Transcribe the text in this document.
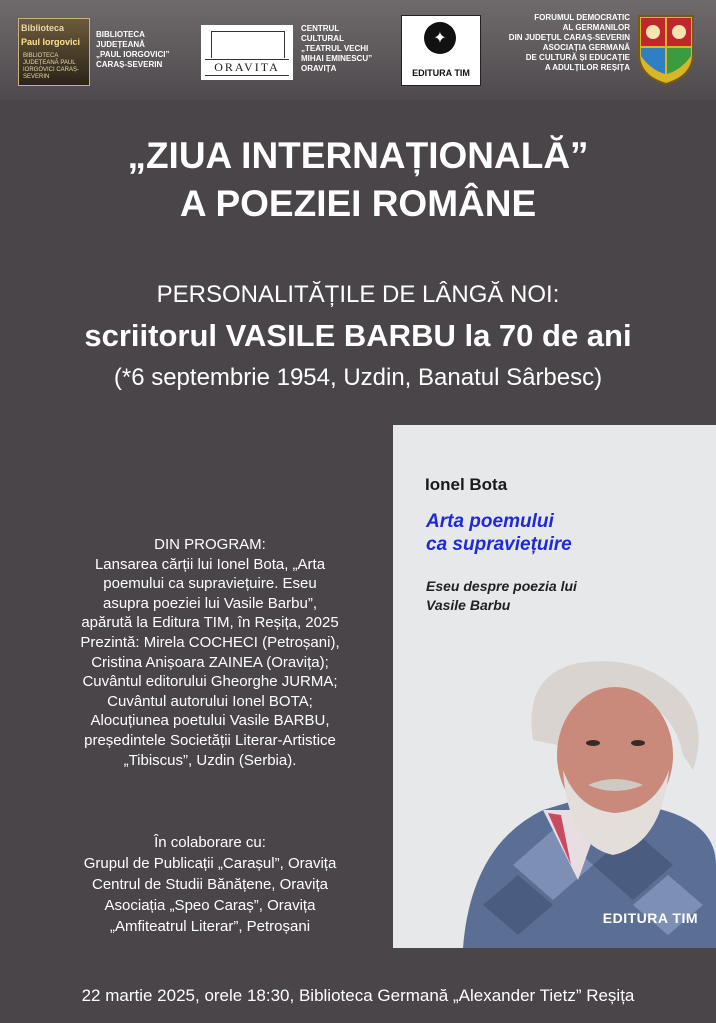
Biblioteca
Paul Iorgovici
BIBLIOTECA JUDEȚEANĂ PAUL IORGOVICI CARAȘ-SEVERIN
BIBLIOTECA
JUDEȚEANĂ
„PAUL IORGOVICI”
CARAȘ-SEVERIN	ORAVITA
CENTRUL
CULTURAL
„TEATRUL VECHI
MIHAI EMINESCU”
ORAVIȚA
✦
EDITURA TIM
FORUMUL DEMOCRATIC
AL GERMANILOR
DIN JUDEȚUL CARAȘ-SEVERIN
ASOCIAȚIA GERMANĂ
DE CULTURĂ ȘI EDUCAȚIE
A ADULȚILOR REȘIȚA
„ZIUA INTERNAȚIONALĂ”
A POEZIEI ROMÂNE
PERSONALITĂȚILE DE LÂNGĂ NOI:
scriitorul VASILE BARBU la 70 de ani
(*6 septembrie 1954, Uzdin, Banatul Sârbesc)
DIN PROGRAM:
Lansarea cărții lui Ionel Bota, „Arta
poemului ca supraviețuire. Eseu
asupra poeziei lui Vasile Barbu”,
apărută la Editura TIM, în Reșița, 2025
Prezintă: Mirela COCHECI (Petroșani),
Cristina Anișoara ZAINEA (Oravița);
Cuvântul editorului Gheorghe JURMA;
Cuvântul autorului Ionel BOTA;
Alocuțiunea poetului Vasile BARBU,
președintele Societății Literar-Artistice
„Tibiscus”, Uzdin (Serbia).
În colaborare cu:
Grupul de Publicații „Carașul”, Oravița
Centrul de Studii Bănățene, Oravița
Asociația „Speo Caraș”, Oravița
„Amfiteatrul Literar”, Petroșani
Ionel Bota
Arta poemului
ca supraviețuire
Eseu despre poezia lui
Vasile Barbu
EDITURA TIM
22 martie 2025, orele 18:30, Biblioteca Germană „Alexander Tietz” Reșița
